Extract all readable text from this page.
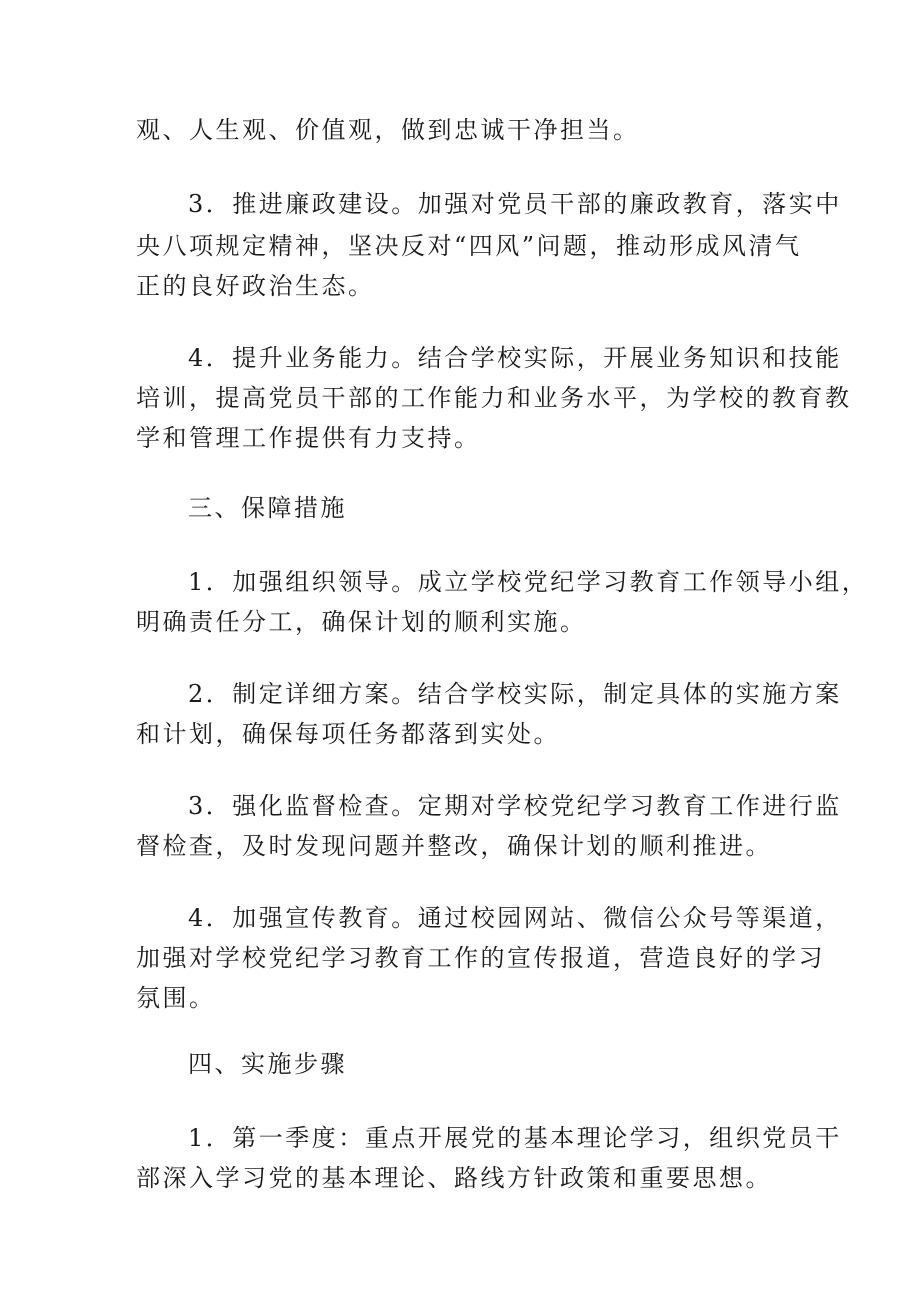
观、人生观、价值观，做到忠诚干净担当。
3．推进廉政建设。加强对党员干部的廉政教育，落实中
央八项规定精神，坚决反对“四风”问题，推动形成风清气
正的良好政治生态。
4．提升业务能力。结合学校实际，开展业务知识和技能
培训，提高党员干部的工作能力和业务水平，为学校的教育教
学和管理工作提供有力支持。
三、保障措施
1．加强组织领导。成立学校党纪学习教育工作领导小组，
明确责任分工，确保计划的顺利实施。
2．制定详细方案。结合学校实际，制定具体的实施方案
和计划，确保每项任务都落到实处。
3．强化监督检查。定期对学校党纪学习教育工作进行监
督检查，及时发现问题并整改，确保计划的顺利推进。
4．加强宣传教育。通过校园网站、微信公众号等渠道，
加强对学校党纪学习教育工作的宣传报道，营造良好的学习
氛围。
四、实施步骤
1．第一季度：重点开展党的基本理论学习，组织党员干
部深入学习党的基本理论、路线方针政策和重要思想。
